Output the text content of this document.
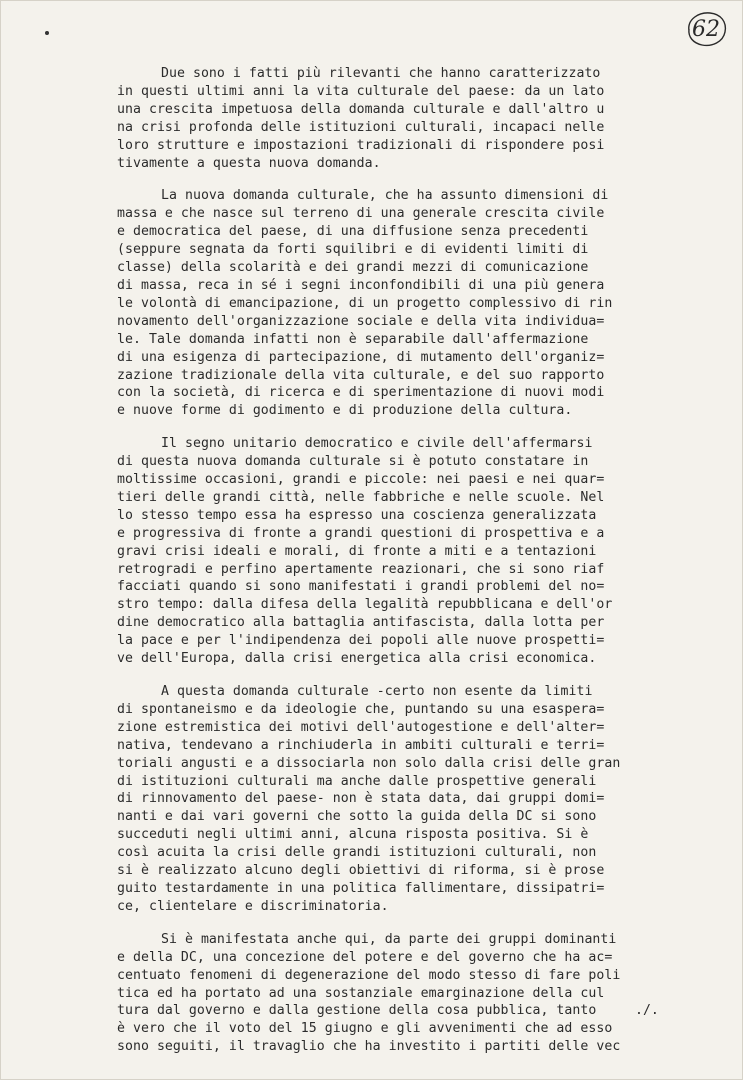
62
Due sono i fatti più rilevanti che hanno caratterizzato
in questi ultimi anni la vita culturale del paese: da un lato
una crescita impetuosa della domanda culturale e dall'altro u
na crisi profonda delle istituzioni culturali, incapaci nelle
loro strutture e impostazioni tradizionali di rispondere posi
tivamente a questa nuova domanda.
La nuova domanda culturale, che ha assunto dimensioni di
massa e che nasce sul terreno di una generale crescita civile
e democratica del paese, di una diffusione senza precedenti
(seppure segnata da forti squilibri e di evidenti limiti di
classe) della scolarità e dei grandi mezzi di comunicazione
di massa, reca in sé i segni inconfondibili di una più genera
le volontà di emancipazione, di un progetto complessivo di rin
novamento dell'organizzazione sociale e della vita individua=
le. Tale domanda infatti non è separabile dall'affermazione
di una esigenza di partecipazione, di mutamento dell'organiz=
zazione tradizionale della vita culturale, e del suo rapporto
con la società, di ricerca e di sperimentazione di nuovi modi
e nuove forme di godimento e di produzione della cultura.
Il segno unitario democratico e civile dell'affermarsi
di questa nuova domanda culturale si è potuto constatare in
moltissime occasioni, grandi e piccole: nei paesi e nei quar=
tieri delle grandi città, nelle fabbriche e nelle scuole. Nel
lo stesso tempo essa ha espresso una coscienza generalizzata
e progressiva di fronte a grandi questioni di prospettiva e a
gravi crisi ideali e morali, di fronte a miti e a tentazioni
retrogradi e perfino apertamente reazionari, che si sono riaf
facciati quando si sono manifestati i grandi problemi del no=
stro tempo: dalla difesa della legalità repubblicana e dell'or
dine democratico alla battaglia antifascista, dalla lotta per
la pace e per l'indipendenza dei popoli alle nuove prospetti=
ve dell'Europa, dalla crisi energetica alla crisi economica.
A questa domanda culturale -certo non esente da limiti
di spontaneismo e da ideologie che, puntando su una esaspera=
zione estremistica dei motivi dell'autogestione e dell'alter=
nativa, tendevano a rinchiuderla in ambiti culturali e terri=
toriali angusti e a dissociarla non solo dalla crisi delle gran
di istituzioni culturali ma anche dalle prospettive generali
di rinnovamento del paese- non è stata data, dai gruppi domi=
nanti e dai vari governi che sotto la guida della DC si sono
succeduti negli ultimi anni, alcuna risposta positiva. Si è
così acuita la crisi delle grandi istituzioni culturali, non
si è realizzato alcuno degli obiettivi di riforma, si è prose
guito testardamente in una politica fallimentare, dissipatri=
ce, clientelare e discriminatoria.
Si è manifestata anche qui, da parte dei gruppi dominanti
e della DC, una concezione del potere e del governo che ha ac=
centuato fenomeni di degenerazione del modo stesso di fare poli
tica ed ha portato ad una sostanziale emarginazione della cul
tura dal governo e dalla gestione della cosa pubblica, tanto
è vero che il voto del 15 giugno e gli avvenimenti che ad esso
sono seguiti, il travaglio che ha investito i partiti delle vec
./.
